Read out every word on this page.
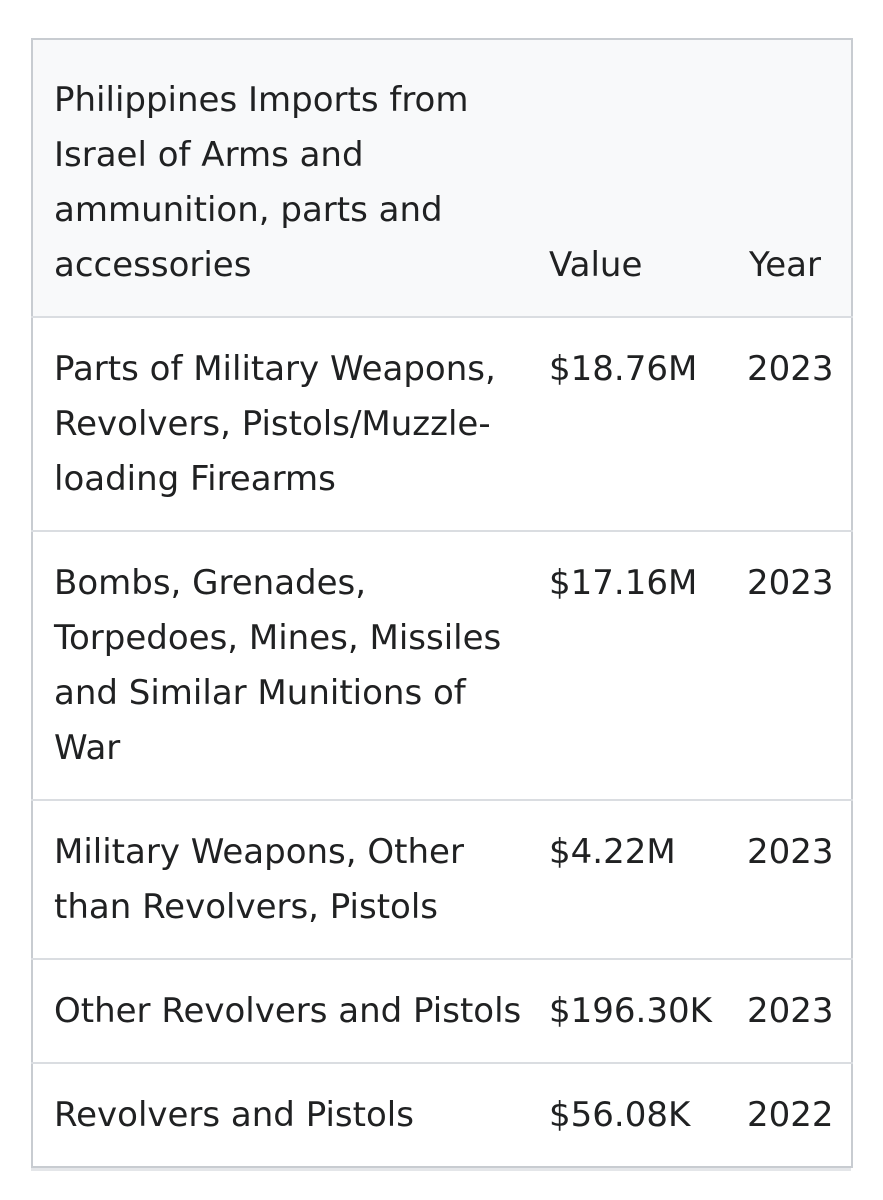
Philippines Imports from Israel of Arms and ammunition, parts and accessories	Value	Year
Parts of Military Weapons, Revolvers, Pistols/Muzzle-loading Firearms	$18.76M	2023
Bombs, Grenades, Torpedoes, Mines, Missiles and Similar Munitions of War	$17.16M	2023
Military Weapons, Other than Revolvers, Pistols	$4.22M	2023
Other Revolvers and Pistols	$196.30K	2023
Revolvers and Pistols	$56.08K	2022
